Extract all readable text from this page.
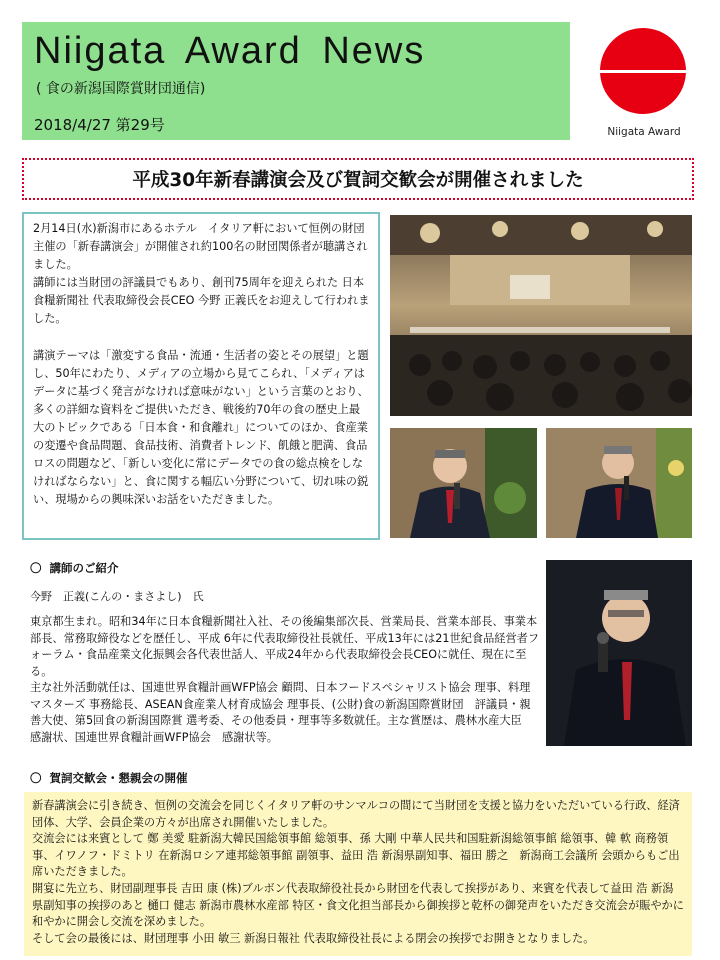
Niigata Award News
( 食の新潟国際賞財団通信)
2018/4/27 第29号	Niigata Award
平成30年新春講演会及び賀詞交歓会が開催されました

2月14日(水)新潟市にあるホテル　イタリア軒において恒例の財団主催の「新春講演会」が開催され約100名の財団関係者が聴講されました。

講師には当財団の評議員でもあり、創刊75周年を迎えられた 日本食糧新聞社 代表取締役会長CEO 今野 正義氏をお迎えして行われました。

講演テーマは「激変する食品・流通・生活者の姿とその展望」と題し、50年にわたり、メディアの立場から見てこられ、「メディアはデータに基づく発言がなければ意味がない」という言葉のとおり、多くの詳細な資料をご提供いただき、戦後約70年の食の歴史上最大のトピックである「日本食・和食離れ」についてのほか、食産業の変遷や食品問題、食品技術、消費者トレンド、飢餓と肥満、食品ロスの問題など、「新しい変化に常にデータでの食の総点検をしなければならない」と、食に関する幅広い分野について、切れ味の鋭い、現場からの興味深いお話をいただきました。

〇 講師のご紹介
今野　正義(こんの・まさよし)　氏

東京都生まれ。昭和34年に日本食糧新聞社入社、その後編集部次長、営業局長、営業本部長、事業本部長、常務取締役などを歴任し、平成 6年に代表取締役社長就任、平成13年には21世紀食品経営者フォーラム・食品産業文化振興会各代表世話人、平成24年から代表取締役会長CEOに就任、現在に至る。

主な社外活動就任は、国連世界食糧計画WFP協会 顧問、日本フードスペシャリスト協会 理事、料理マスターズ 事務総長、ASEAN食産業人材育成協会 理事長、(公財)食の新潟国際賞財団　評議員・親善大使、第5回食の新潟国際賞 選考委、その他委員・理事等多数就任。主な賞歴は、農林水産大臣　感謝状、国連世界食糧計画WFP協会　感謝状等。

〇 賀詞交歓会・懇親会の開催

新春講演会に引き続き、恒例の交流会を同じくイタリア軒のサンマルコの間にて当財団を支援と協力をいただいている行政、経済団体、大学、会員企業の方々が出席され開催いたしました。

交流会には来賓として 鄭 美愛 駐新潟大韓民国総領事館 総領事、孫 大剛 中華人民共和国駐新潟総領事館 総領事、韓 軟 商務領事、イワノフ・ドミトリ 在新潟ロシア連邦総領事館 副領事、益田 浩 新潟県副知事、福田 勝之　新潟商工会議所 会頭からもご出席いただきました。

開宴に先立ち、財団副理事長 吉田 康 (株)ブルボン代表取締役社長から財団を代表して挨拶があり、来賓を代表して益田 浩 新潟県副知事の挨拶のあと 樋口 健志 新潟市農林水産部 特区・食文化担当部長から御挨拶と乾杯の御発声をいただき交流会が賑やかに和やかに開会し交流を深めました。

そして会の最後には、財団理事 小田 敏三 新潟日報社 代表取締役社長による閉会の挨拶でお開きとなりました。
